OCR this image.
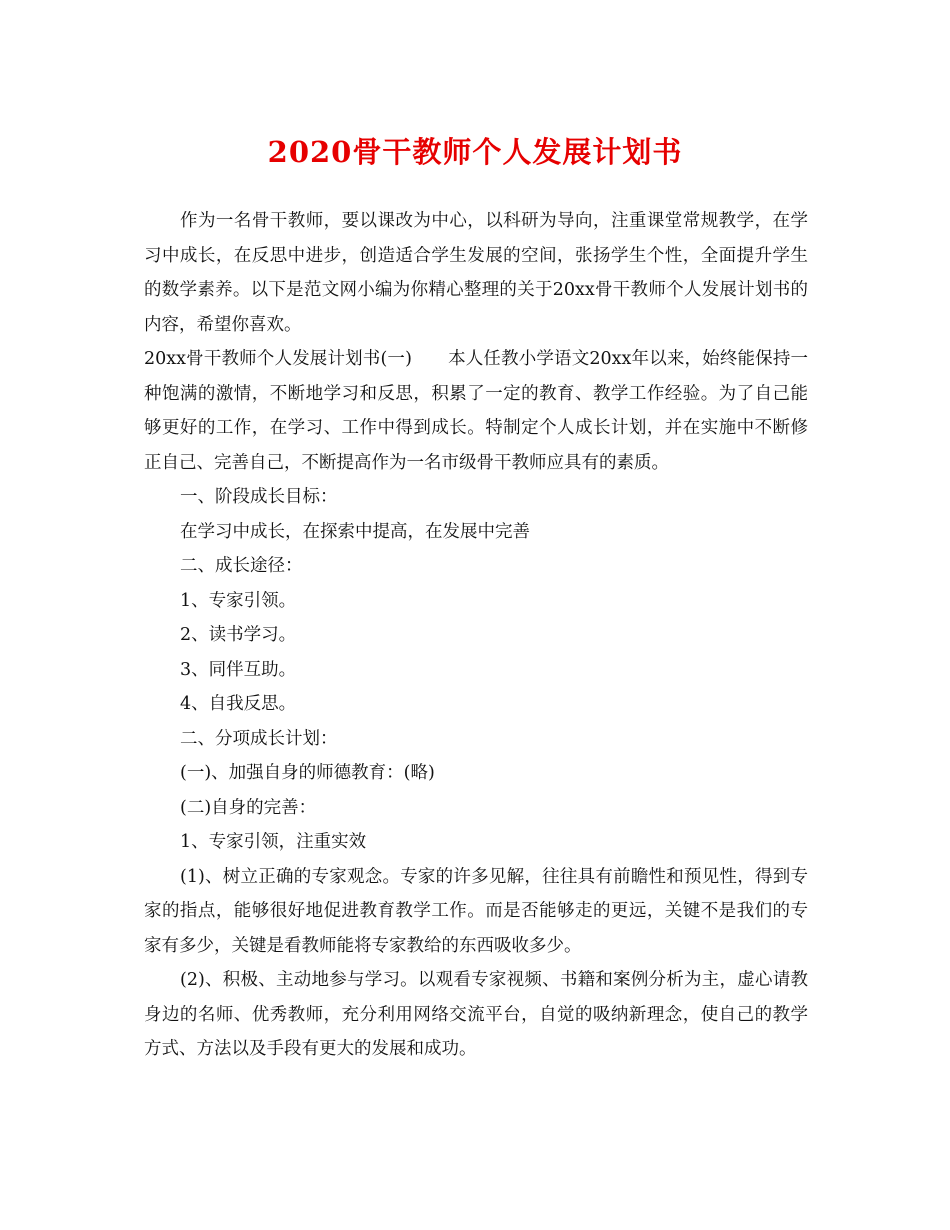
2020骨干教师个人发展计划书

作为一名骨干教师，要以课改为中心，以科研为导向，注重课堂常规教学，在学习中成长，在反思中进步，创造适合学生发展的空间，张扬学生个性，全面提升学生的数学素养。以下是范文网小编为你精心整理的关于20xx骨干教师个人发展计划书的内容，希望你喜欢。

20xx骨干教师个人发展计划书(一) 本人任教小学语文20xx年以来，始终能保持一种饱满的激情，不断地学习和反思，积累了一定的教育、教学工作经验。为了自己能够更好的工作，在学习、工作中得到成长。特制定个人成长计划，并在实施中不断修正自己、完善自己，不断提高作为一名市级骨干教师应具有的素质。

一、阶段成长目标：

在学习中成长，在探索中提高，在发展中完善

二、成长途径：

1、专家引领。

2、读书学习。

3、同伴互助。

4、自我反思。

二、分项成长计划：

(一)、加强自身的师德教育：(略)

(二)自身的完善：

1、专家引领，注重实效

(1)、树立正确的专家观念。专家的许多见解，往往具有前瞻性和预见性，得到专家的指点，能够很好地促进教育教学工作。而是否能够走的更远，关键不是我们的专家有多少，关键是看教师能将专家教给的东西吸收多少。

(2)、积极、主动地参与学习。以观看专家视频、书籍和案例分析为主，虚心请教身边的名师、优秀教师，充分利用网络交流平台，自觉的吸纳新理念，使自己的教学方式、方法以及手段有更大的发展和成功。
